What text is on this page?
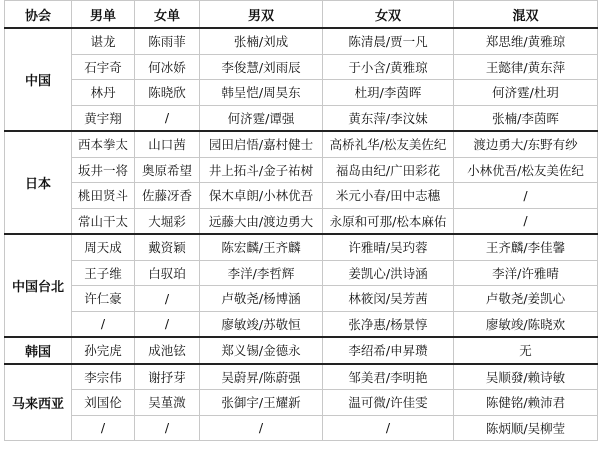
协会	男单	女单	男双	女双	混双
中国	谌龙	陈雨菲	张楠/刘成	陈清晨/贾一凡	郑思维/黄雅琼
	石宇奇	何冰娇	李俊慧/刘雨辰	于小含/黄雅琼	王懿律/黄东萍
	林丹	陈晓欣	韩呈恺/周昊东	杜玥/李茵晖	何济霆/杜玥
	黄宇翔	/	何济霆/谭强	黄东萍/李汶妹	张楠/李茵晖
日本	西本拳太	山口茜	园田启悟/嘉村健士	高桥礼华/松友美佐纪	渡边勇大/东野有纱
	坂井一将	奥原希望	井上拓斗/金子祐树	福岛由纪/广田彩花	小林优吾/松友美佐纪
	桃田贤斗	佐藤冴香	保木卓朗/小林优吾	米元小春/田中志穗	/
	常山干太	大堀彩	远藤大由/渡边勇大	永原和可那/松本麻佑	/
中国台北	周天成	戴资颖	陈宏麟/王齐麟	许雅晴/吴玓蓉	王齐麟/李佳馨
	王子维	白驭珀	李洋/李哲辉	姜凯心/洪诗涵	李洋/许雅晴
	许仁豪	/	卢敬尧/杨博涵	林筱闵/吴芳茜	卢敬尧/姜凯心
	/	/	廖敏竣/苏敬恒	张净惠/杨景惇	廖敏竣/陈晓欢
韩国	孙完虎	成池铉	郑义锡/金德永	李绍希/申昇瓒	无
马来西亚	李宗伟	谢抒芽	吴蔚昇/陈蔚强	邹美君/李明艳	吴顺發/赖诗敏
	刘国伦	吴堇溦	张御宇/王耀新	温可微/许佳雯	陈健铭/赖沛君
	/	/	/	/	陈炳顺/吴柳莹
